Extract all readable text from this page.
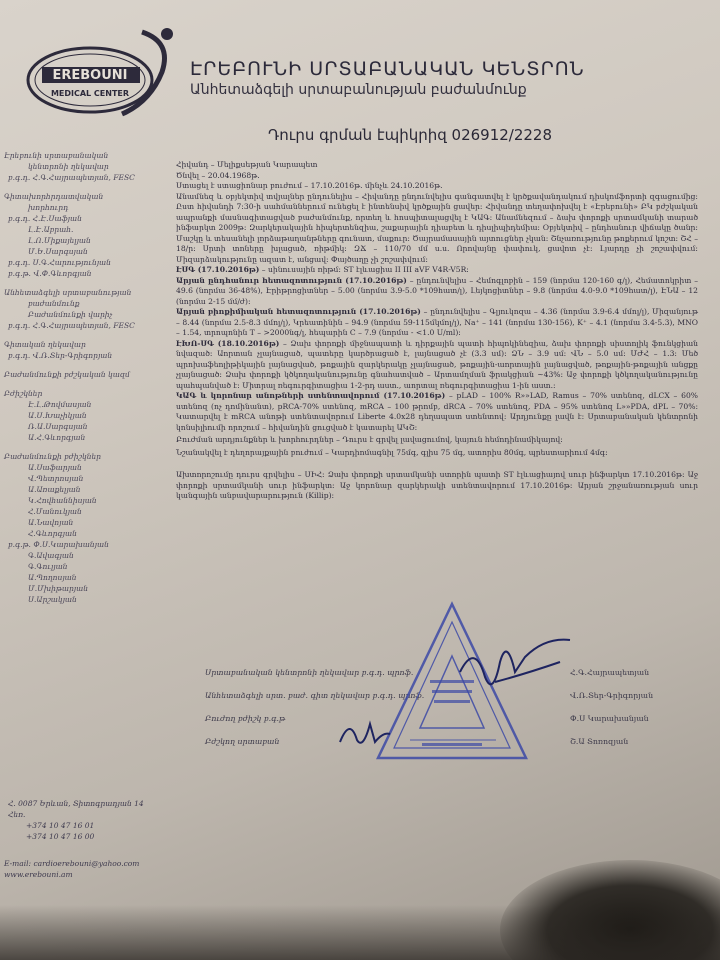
EREBOUNI
MEDICAL CENTER
ԷՐԵԲՈՒՆԻ ՍՐՏԱԲԱՆԱԿԱՆ ԿԵՆՏՐՈՆ
Անհետաձգելի սրտաբանության բաժանմունք
Դուրս գրման էպիկրիզ 026912/2228
Էրեբունի սրտաբանական
կենտրոնի ղեկավար
բ.գ.դ. Հ.Գ.Հայրապետյան, FESC
Գիտախորհրդատվական
խորհուրդ
բ.գ.դ. Հ.Է.Սաֆյան
Լ.Է.Աբրահ.
Լ.Ո.Միքայելյան
Մ.Ե.Սարգսյան
բ.գ.դ. Ս.Գ.Հարությունյան
բ.գ.թ. Վ.Փ.Գևորգյան
Անհետաձգելի սրտաբանության
բաժանմունք
Բաժանմունքի վարիչ
բ.գ.դ. Հ.Գ.Հայրապետյան, FESC
Գիտական ղեկավար
բ.գ.դ. Վ.Ռ.Տեր-Գրիգորյան
Բաժանմունքի բժշկական կազմ
Բժիշկներ
Է.Լ.Թովմասյան
Ա.Ս.Խաչիկյան
Ռ.Ա.Սարգսյան
Ա.Հ.Գևորգյան
Բաժանմունքի բժիշկներ
Ա.Սաֆարյան
Վ.Պետրոսյան
Ա.Առաքելյան
Կ.Հովհաննիսյան
Հ.Մանուկյան
Ա.Նավոյան
Հ.Գևորգյան
բ.գ.թ. Փ.Ս.Կարախանյան
Գ.Ավագյան
Գ.Գուլյան
Ա.Պողոսյան
Մ.Մխիթարյան
Ս.Արշակյան
Հ. 0087 Երևան, Տիտոգրադյան 14
Հեռ.
+374 10 47 16 01
+374 10 47 16 00
E-mail: cardioerebouni@yahoo.com
www.erebouni.am

Հիվանդ – Մելիքսեթյան Կարապետ

Ծնվել – 20.04.1968թ.

Ստացել է ստացիոնար բուժում – 17.10.2016թ. մինչև 24.10.2016թ.

Անամնեզ և օբյեկտիվ տվյալներ ընդունելիս – Հիվանդը ընդունվելիս գանգատվել է կրծքավանդակում դիսկոմֆորտի զգացումից: Ըստ հիվանդի 7:30-ի սահմաններում ունեցել է ինտենսիվ կրծքային ցավեր: Հիվանդը տեղափոխվել է «Էրեբունի» ԲԿ բժշկական ապրանքի մասնագիտացված բաժանմունք, որտեղ և հոսպիտալացվել է ԿԱԳ: Անամնեզում – ձախ փորոքի սրտամկանի տարած ինֆարկտ 2009թ: Զարկերակային հիպերտենզիա, շաքարային դիաբետ և դիսլիպիդեմիա: Օբյեկտիվ – ընդհանուր վիճակը ծանր: Մաշկը և տեսանելի լորձաթաղանթները գունատ, մաքուր: Ծայրամասային այտուցներ չկան: Շնչառությունը թոքերում կոշտ: ՇՀ – 18/ր: Սրտի տոները խլացած, ռիթմիկ: ԶՃ – 110/70 մմ ս.ս. Որովայնը փափուկ, ցավոտ չէ: Լյարդը չի շոշափվում: Միզարձակությունը ազատ է, անցավ: Փայծաղը չի շոշափվում:

ԷՍԳ (17.10.2016թ) – սինուսային ռիթմ: ST էլևացիա II III aVF V4R-V5R:

Արյան ընդհանուր հետազոտություն (17.10.2016թ) – ընդունվելիս – Հեմոգլոբին – 159 (նորմա 120-160 գ/լ), Հեմատոկրիտ – 49.6 (նորմա 36-48%), Էրիթրոցիտներ – 5.00 (նորմա 3.9-5.0 *109հատ/լ), Լեյկոցիտներ – 9.8 (նորմա 4.0-9.0 *109հատ/լ), ԷՆԱ – 12 (նորմա 2-15 մմ/ժ):

Արյան բիոքիմիական հետազոտություն (17.10.2016թ) – ընդունվելիս – Գլյուկոզա – 4.36 (նորմա 3.9-6.4 մմոլ/լ), Միզանյութ – 8.44 (նորմա 2.5-8.3 մմոլ/լ), Կրեատինին – 94.9 (նորմա 59-115մկմոլ/լ), Na⁺ – 141 (նորմա 130-156), K⁺ – 4.1 (նորմա 3.4-5.3), MNO – 1.54, տրոպոնին T – >2000նգ/լ, հեպարին C – 7.9 (նորմա - <1.0 U/ml):

ԷԽՈ-ՍԳ (18.10.2016թ) – Ձախ փորոքի միջնապատի և դիրքային պատի հիպոկինեզիա, ձախ փորոքի սիստոլիկ ֆունկցիան նվազած: Աորտան չլայնացած, պատերը կարծրացած է, լայնացած չէ (3.3 սմ): ՁՆ – 3.9 սմ: ՎՆ – 5.0 սմ: ՄԺՀ – 1.3: Մեծ պրոխաֆեոլիթիկային լայնացված, թոքային զարկերակը չլայնացած, թոքային-աորտային լայնացված, թոքային-թոքային անցքը չլայնացած: Ձախ փորոքի կծկողականությունը գնահատված – Արտամղման ֆրակցիան ~43%: Աջ փորոքի կծկողականությունը պահպանված է: Միտրալ ռեգուրգիտացիա 1-2-րդ աստ., աորտալ ռեգուրգիտացիա 1-ին աստ.:

ԿԱԳ և կորոնար անոթների ստենտավորում (17.10.2016թ) – pLAD – 100% R»»LAD, Ramus – 70% ստենոզ, dLCX – 60% ստենոզ (ոչ դոմինանտ), pRCA-70% ստենոզ, mRCA – 100 թրոմբ, dRCA – 70% ստենոզ, PDA – 95% ստենոզ L»»PDA, dPL – 70%: Կատարվել է mRCA անոթի ստենտավորում Liberte 4.0x28 դեղապատ ստենտով: Արդյունքը լավն է: Սրտաբանական կենտրոնի կոնսիլիումի որոշում – հիվանդին ցուցված է կատարել ԱԿՇ:

Բուժման արդյունքներ և խորհուրդներ – Դուրս է գրվել լավացումով, կայուն հեմոդինամիկայով:

Նշանակվել է դեղորայքային բուժում – Կարդիոմագնիլ 75մգ, գլիս 75 մգ, ատորիս 80մգ, պրեստարիում 4մգ:

Ախտորոշումը դուրս գրվելիս – ՍԻՀ: Ձախ փորոքի սրտամկանի ստորին պատի ST էլևացիայով սուր ինֆարկտ 17.10.2016թ: Աջ փորոքի սրտամկանի սուր ինֆարկտ: Աջ կորոնար զարկերակի ստենտավորում 17.10.2016թ: Արյան շրջանառության սուր կանգային անբավարարություն (Killip):

Սրտաբանական կենտրոնի ղեկավար բ.գ.դ. պրոֆ.	Հ.Գ.Հայրապետյան
Անհետաձգելի սրտ. բաժ. գիտ ղեկավար բ.գ.դ. պրոֆ.	Վ.Ռ.Տեր-Գրիգորյան
Բուժող բժիշկ բ.գ.թ	Փ.Ս Կարախանյան
Բժշկող սրտաբան	Շ.Ա Տոռոզյան
